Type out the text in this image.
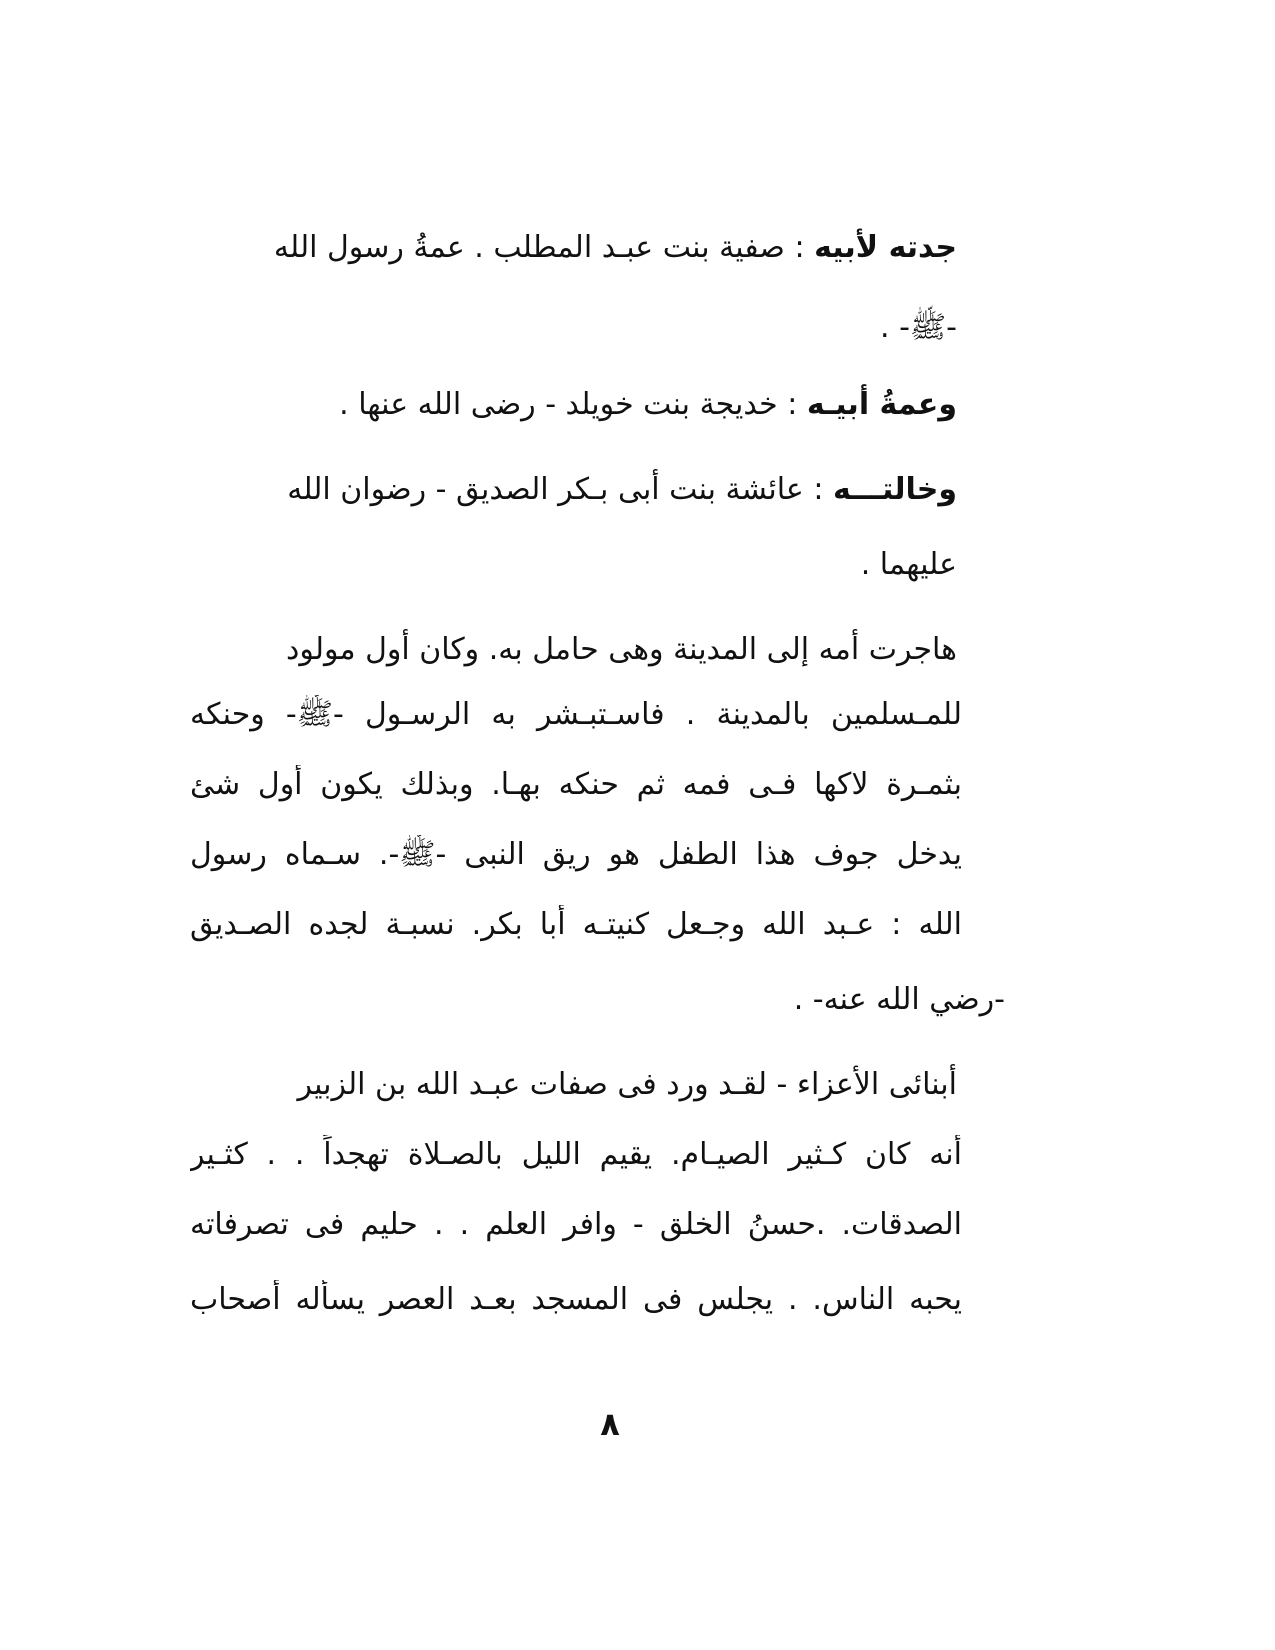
جدته لأبيه : صفية بنت عبـد المطلب . عمةُ رسول الله
-ﷺ- .
وعمةُ أبيـه : خديجة بنت خويلد - رضى الله عنها .
وخالتـــه : عائشة بنت أبى بـكر الصديق - رضوان الله
عليهما .
هاجرت أمه إلى المدينة وهى حامل به. وكان أول مولود
للمـسلمين بالمدينة . فاسـتبـشر به الرسـول -ﷺ- وحنكه
بثمـرة لاكها فـى فمه ثم حنكه بهـا. وبذلك يكون أول شئ
يدخل جوف هذا الطفل هو ريق النبى -ﷺ-. سـماه رسول
الله : عـبد الله وجـعل كنيتـه أبا بكر. نسبـة لجده الصـديق
-رضي الله عنه- .
أبنائى الأعزاء - لقـد ورد فى صفات عبـد الله بن الزبير
أنه كان كـثير الصيـام. يقيم الليل بالصـلاة تهجداً . . كثـير
الصدقات. .حسنُ الخلق - وافر العلم . . حليم فى تصرفاته
يحبه الناس. . يجلس فى المسجد بعـد العصر يسأله أصحاب
٨
